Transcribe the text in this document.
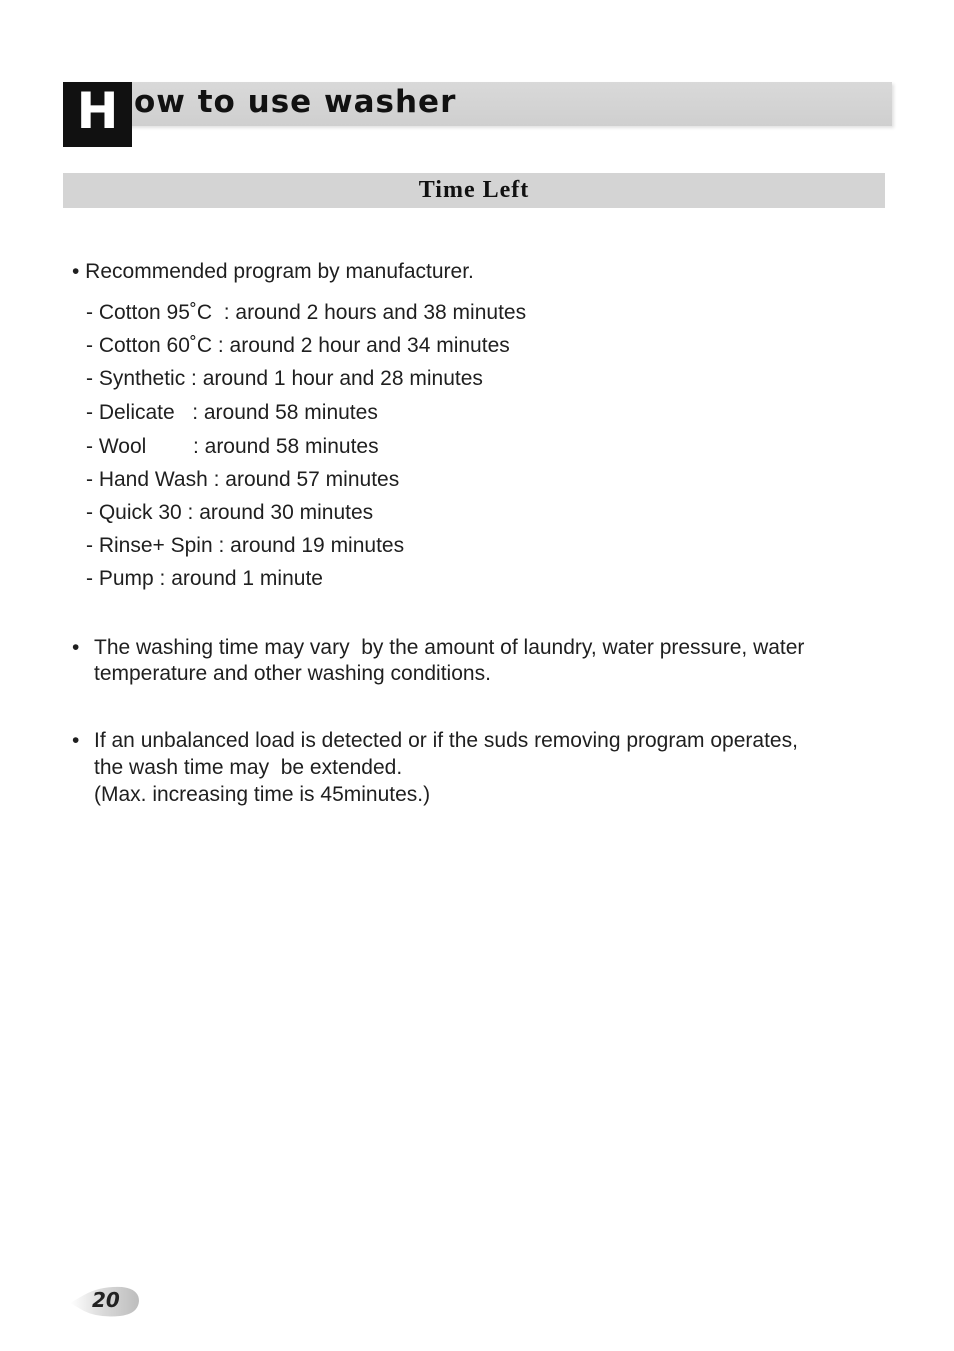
H ow to use washer
Time Left
• Recommended program by manufacturer.
- Cotton 95˚C  : around 2 hours and 38 minutes
- Cotton 60˚C : around 2 hour and 34 minutes
- Synthetic : around 1 hour and 28 minutes
- Delicate   : around 58 minutes
- Wool        : around 58 minutes
- Hand Wash : around 57 minutes
- Quick 30 : around 30 minutes
- Rinse+ Spin : around 19 minutes
- Pump : around 1 minute
• The washing time may vary  by the amount of laundry, water pressure, water
temperature and other washing conditions.
• If an unbalanced load is detected or if the suds removing program operates,
the wash time may  be extended.
(Max. increasing time is 45minutes.)
20
